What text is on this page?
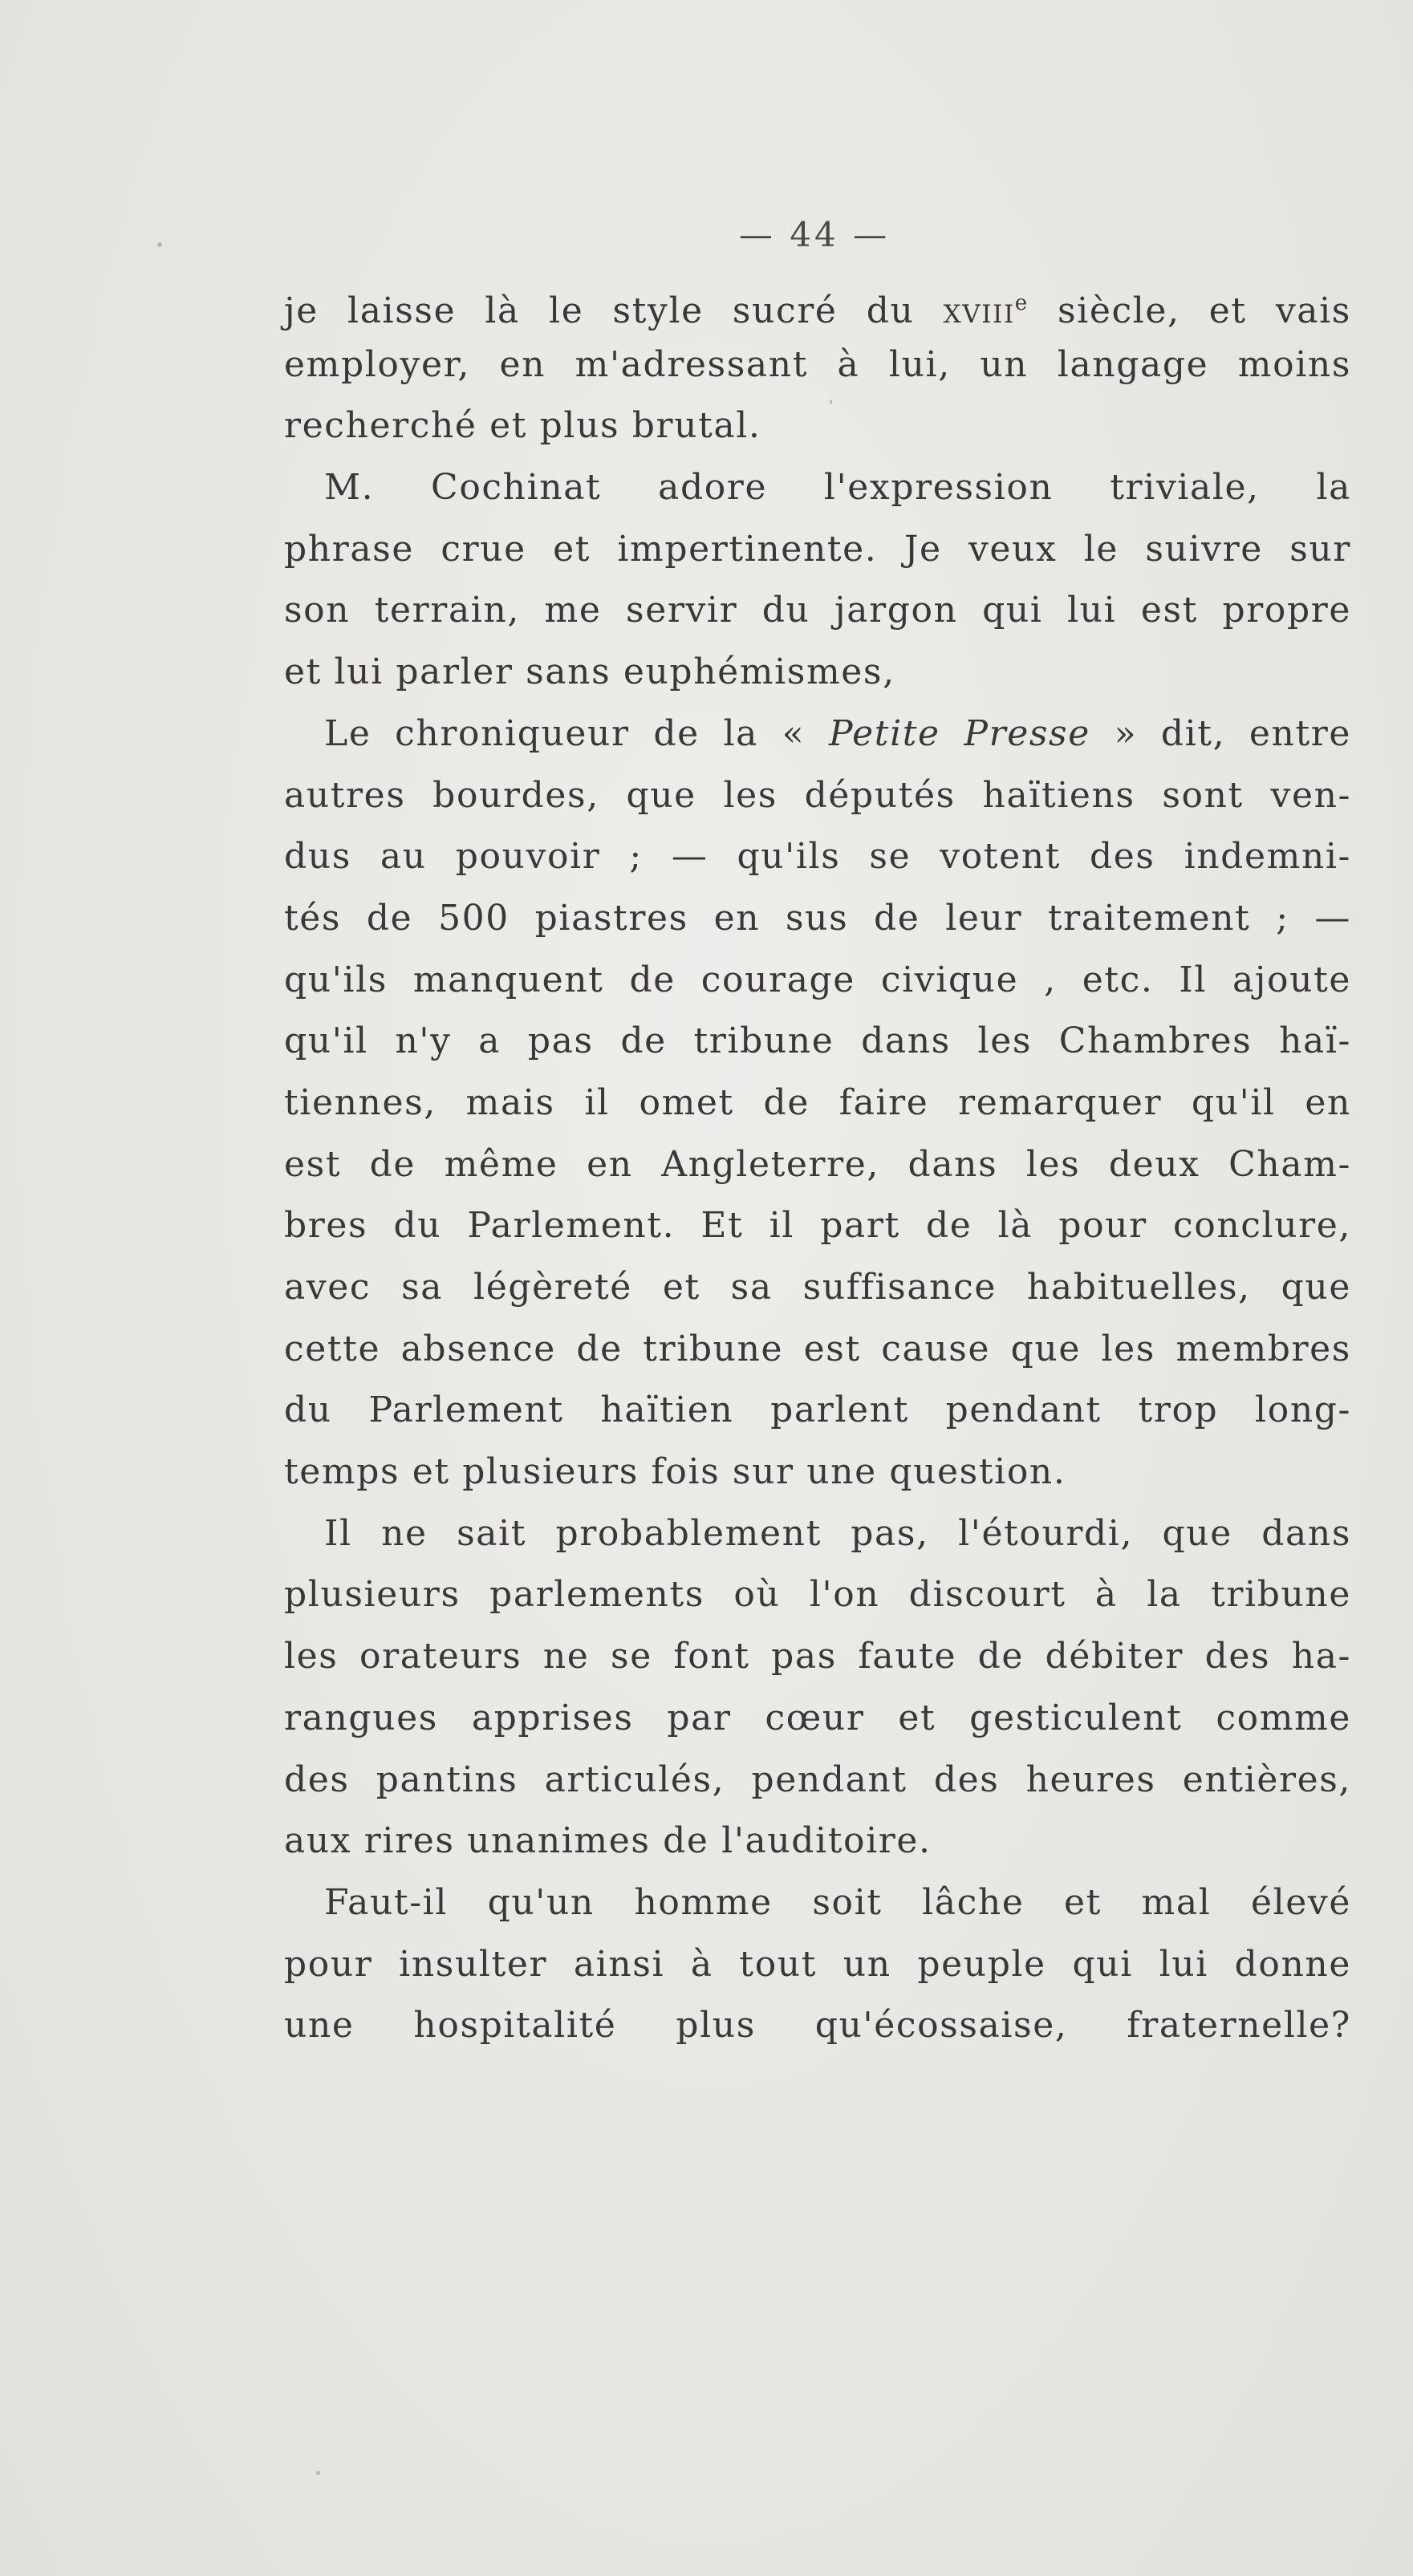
— 44 —
je laisse là le style sucré du xviii$^e$ siècle, et vais
employer, en m'adressant à lui, un langage moins
recherché et plus brutal.
M. Cochinat adore l'expression triviale, la
phrase crue et impertinente. Je veux le suivre sur
son terrain, me servir du jargon qui lui est propre
et lui parler sans euphémismes,
Le chroniqueur de la « Petite Presse » dit, entre
autres bourdes, que les députés haïtiens sont ven-
dus au pouvoir ; — qu'ils se votent des indemni-
tés de 500 piastres en sus de leur traitement ; —
qu'ils manquent de courage civique , etc. Il ajoute
qu'il n'y a pas de tribune dans les Chambres haï-
tiennes, mais il omet de faire remarquer qu'il en
est de même en Angleterre, dans les deux Cham-
bres du Parlement. Et il part de là pour conclure,
avec sa légèreté et sa suffisance habituelles, que
cette absence de tribune est cause que les membres
du Parlement haïtien parlent pendant trop long-
temps et plusieurs fois sur une question.
Il ne sait probablement pas, l'étourdi, que dans
plusieurs parlements où l'on discourt à la tribune
les orateurs ne se font pas faute de débiter des ha-
rangues apprises par cœur et gesticulent comme
des pantins articulés, pendant des heures entières,
aux rires unanimes de l'auditoire.
Faut-il qu'un homme soit lâche et mal élevé
pour insulter ainsi à tout un peuple qui lui donne
une hospitalité plus qu'écossaise, fraternelle?
